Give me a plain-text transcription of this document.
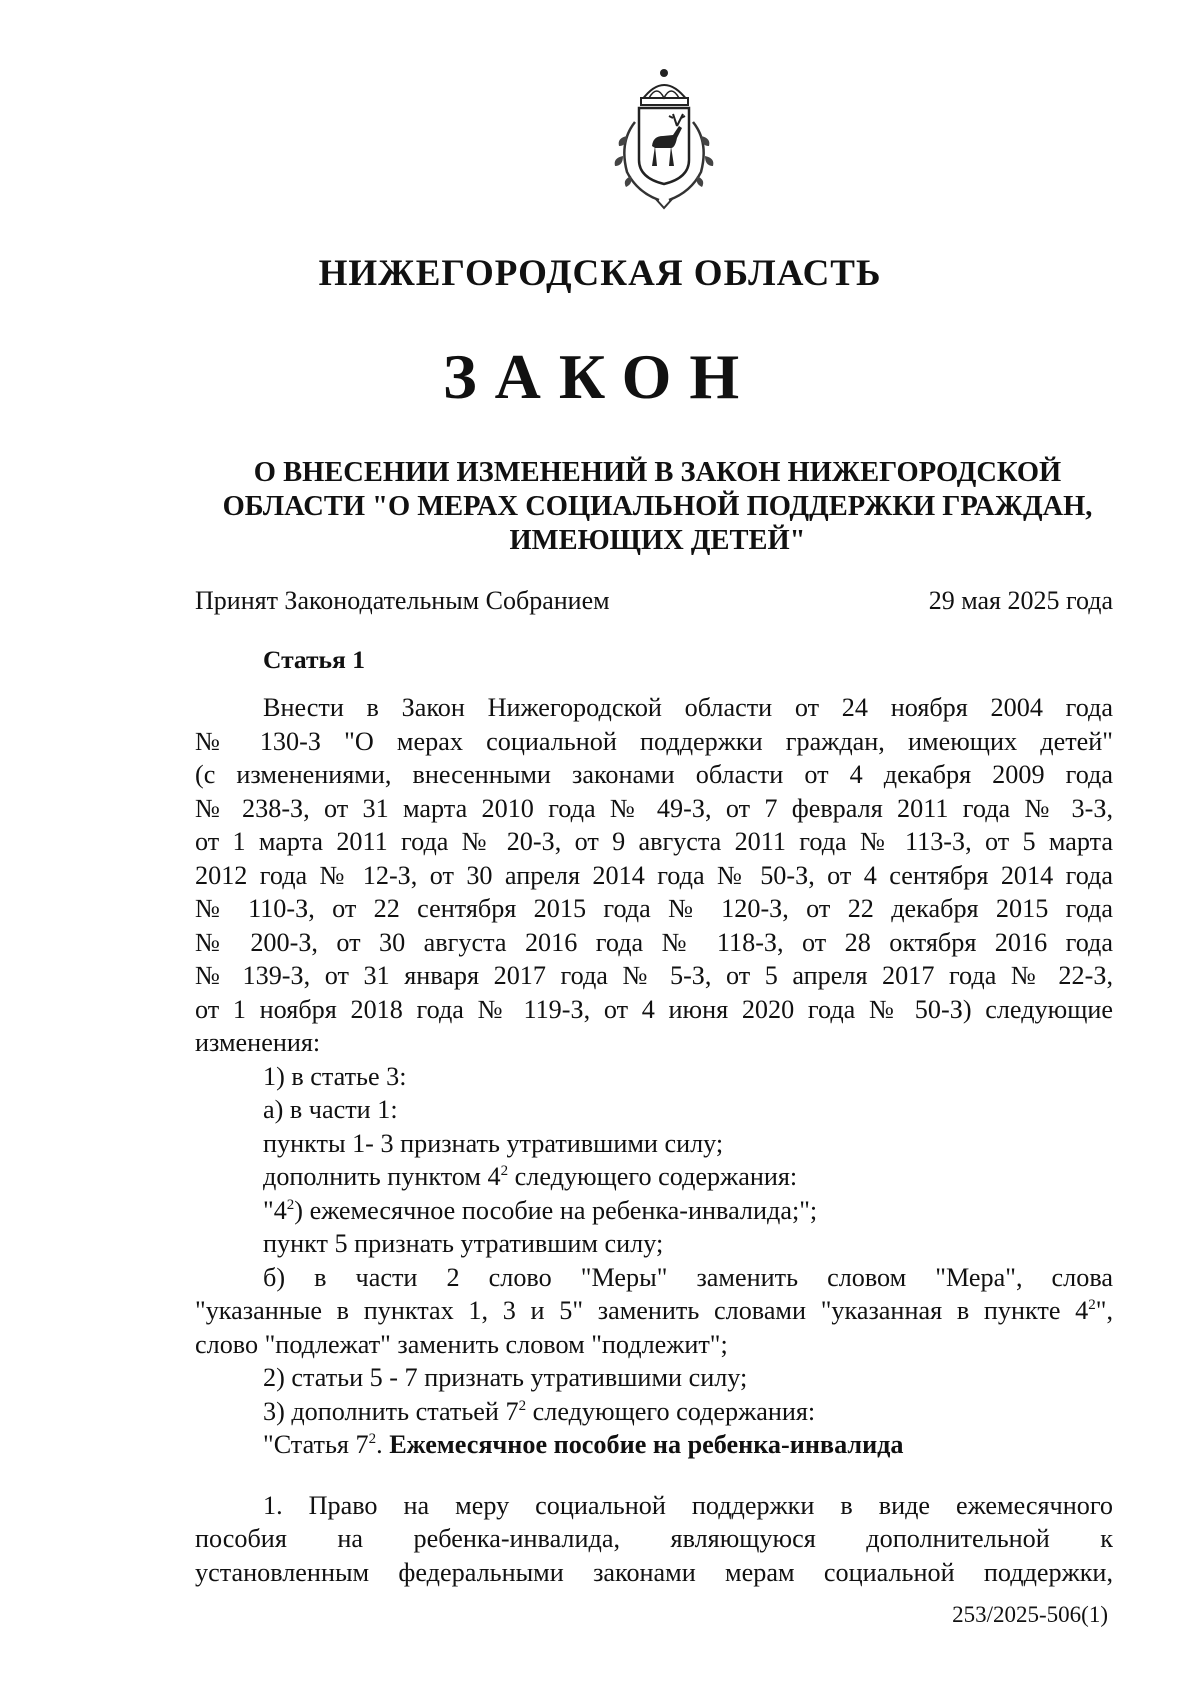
НИЖЕГОРОДСКАЯ ОБЛАСТЬ
ЗАКОН
О ВНЕСЕНИИ ИЗМЕНЕНИЙ В ЗАКОН НИЖЕГОРОДСКОЙ
ОБЛАСТИ "О МЕРАХ СОЦИАЛЬНОЙ ПОДДЕРЖКИ ГРАЖДАН,
ИМЕЮЩИХ ДЕТЕЙ"
Принят Законодательным Собранием	29 мая 2025 года
Статья 1
Внести в Закон Нижегородской области от 24 ноября 2004 года
№ 130-З "О мерах социальной поддержки граждан, имеющих детей"
(с изменениями, внесенными законами области от 4 декабря 2009 года
№ 238-З, от 31 марта 2010 года № 49-З, от 7 февраля 2011 года № 3-З,
от 1 марта 2011 года № 20-З, от 9 августа 2011 года № 113-З, от 5 марта
2012 года № 12-З, от 30 апреля 2014 года № 50-З, от 4 сентября 2014 года
№ 110-З, от 22 сентября 2015 года № 120-З, от 22 декабря 2015 года
№ 200-З, от 30 августа 2016 года № 118-З, от 28 октября 2016 года
№ 139-З, от 31 января 2017 года № 5-З, от 5 апреля 2017 года № 22-З,
от 1 ноября 2018 года № 119-З, от 4 июня 2020 года № 50-З) следующие
изменения:
1) в статье 3:
а) в части 1:
пункты 1- 3 признать утратившими силу;
дополнить пунктом $4^2$ следующего содержания:
"$4^2$) ежемесячное пособие на ребенка-инвалида;";
пункт 5 признать утратившим силу;
б) в части 2 слово "Меры" заменить словом "Мера", слова
"указанные в пунктах 1, 3 и 5" заменить словами "указанная в пункте $4^2$",
слово "подлежат" заменить словом "подлежит";
2) статьи 5 - 7 признать утратившими силу;
3) дополнить статьей $7^2$ следующего содержания:
"Статья $7^2$. Ежемесячное пособие на ребенка-инвалида
1. Право на меру социальной поддержки в виде ежемесячного
пособия на ребенка-инвалида, являющуюся дополнительной к
установленным федеральными законами мерам социальной поддержки,
253/2025-506(1)
